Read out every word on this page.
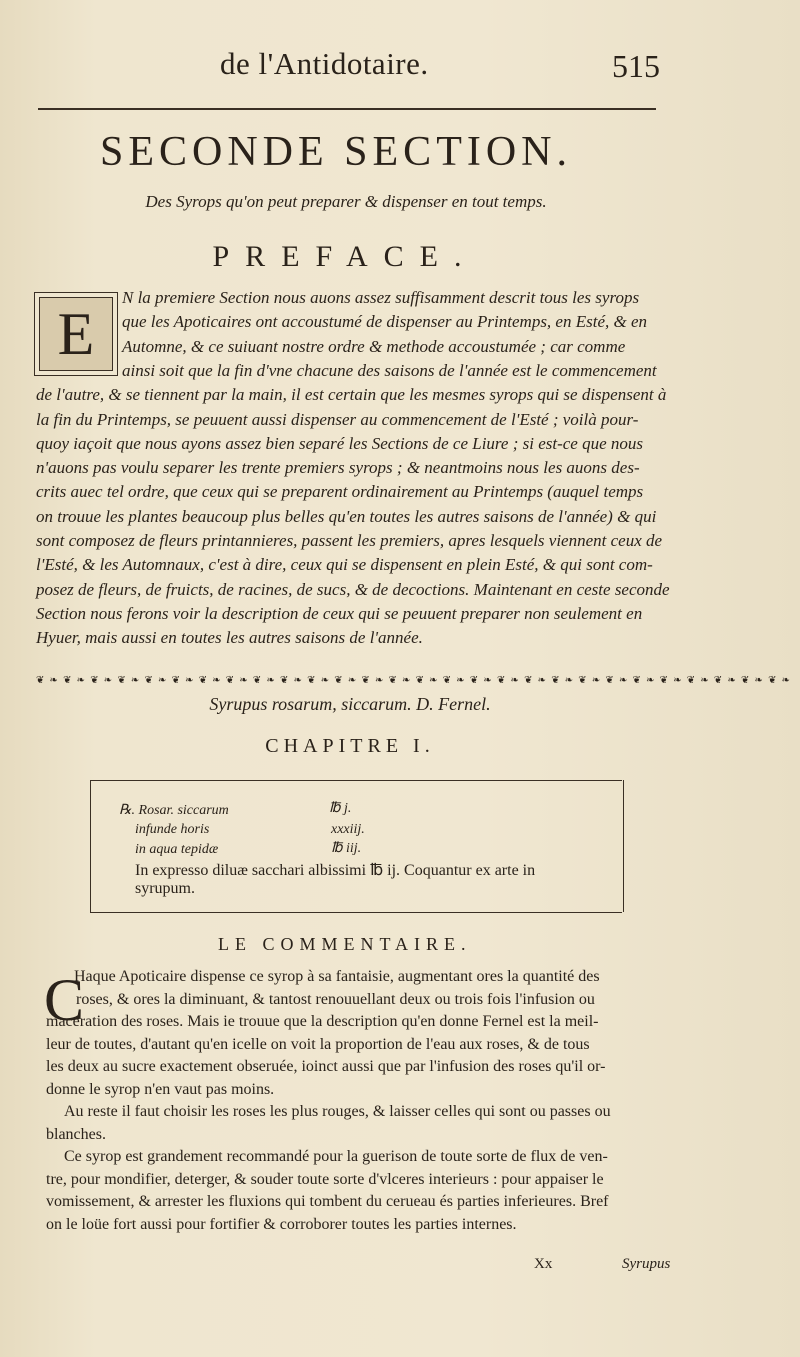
de l'Antidotaire.	515
SECONDE SECTION.
Des Syrops qu'on peut preparer & dispenser en tout temps.
PREFACE.
E
N la premiere Section nous auons assez suffisamment descrit tous les syrops
que les Apoticaires ont accoustumé de dispenser au Printemps, en Esté, & en
Automne, & ce suiuant nostre ordre & methode accoustumée ; car comme
ainsi soit que la fin d'vne chacune des saisons de l'année est le commencement
de l'autre, & se tiennent par la main, il est certain que les mesmes syrops qui se dispensent à
la fin du Printemps, se peuuent aussi dispenser au commencement de l'Esté ; voilà pour-
quoy iaçoit que nous ayons assez bien separé les Sections de ce Liure ; si est-ce que nous
n'auons pas voulu separer les trente premiers syrops ; & neantmoins nous les auons des-
crits auec tel ordre, que ceux qui se preparent ordinairement au Printemps (auquel temps
on trouue les plantes beaucoup plus belles qu'en toutes les autres saisons de l'année) & qui
sont composez de fleurs printannieres, passent les premiers, apres lesquels viennent ceux de
l'Esté, & les Automnaux, c'est à dire, ceux qui se dispensent en plein Esté, & qui sont com-
posez de fleurs, de fruicts, de racines, de sucs, & de decoctions. Maintenant en ceste seconde
Section nous ferons voir la description de ceux qui se peuuent preparer non seulement en
Hyuer, mais aussi en toutes les autres saisons de l'année.
❦ ❧ ❦ ❧ ❦ ❧ ❦ ❧ ❦ ❧ ❦ ❧ ❦ ❧ ❦ ❧ ❦ ❧ ❦ ❧ ❦ ❧ ❦ ❧ ❦ ❧ ❦ ❧ ❦ ❧ ❦ ❧ ❦ ❧ ❦ ❧ ❦ ❧ ❦ ❧ ❦ ❧ ❦ ❧ ❦ ❧ ❦ ❧ ❦ ❧ ❦ ❧ ❦ ❧ ❦ ❧
Syrupus rosarum, siccarum. D. Fernel.
CHAPITRE I.
℞. Rosar. siccarum	℔ j.
infunde horis	xxxiij.
in aqua tepidæ	℔ iij.
In expresso diluæ sacchari albissimi ℔ ij. Coquantur ex arte in
syrupum.
LE COMMENTAIRE.
C
Haque Apoticaire dispense ce syrop à sa fantaisie, augmentant ores la quantité des
roses, & ores la diminuant, & tantost renouuellant deux ou trois fois l'infusion ou
maceration des roses. Mais ie trouue que la description qu'en donne Fernel est la meil-
leur de toutes, d'autant qu'en icelle on voit la proportion de l'eau aux roses, & de tous
les deux au sucre exactement obseruée, ioinct aussi que par l'infusion des roses qu'il or-
donne le syrop n'en vaut pas moins.
Au reste il faut choisir les roses les plus rouges, & laisser celles qui sont ou passes ou
blanches.
Ce syrop est grandement recommandé pour la guerison de toute sorte de flux de ven-
tre, pour mondifier, deterger, & souder toute sorte d'vlceres interieurs : pour appaiser le
vomissement, & arrester les fluxions qui tombent du cerueau és parties inferieures. Bref
on le loüe fort aussi pour fortifier & corroborer toutes les parties internes.
Xx	Syrupus
